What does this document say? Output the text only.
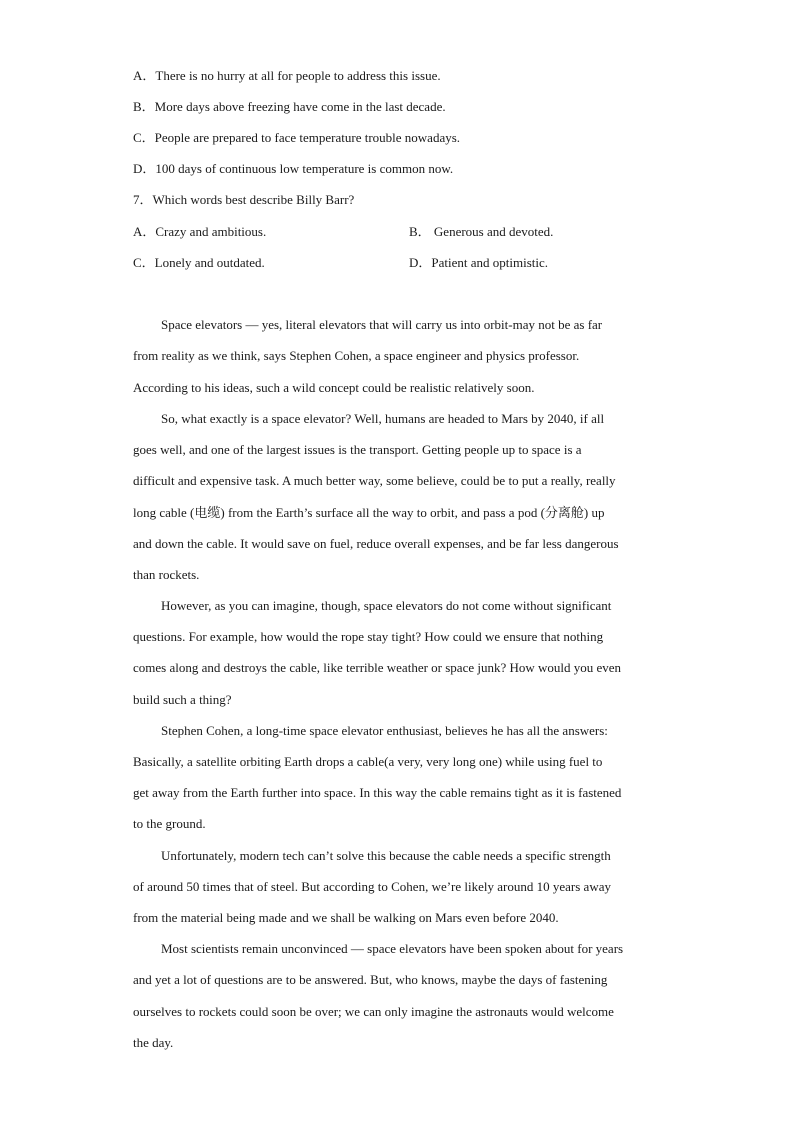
A．There is no hurry at all for people to address this issue.
B．More days above freezing have come in the last decade.
C．People are prepared to face temperature trouble nowadays.
D．100 days of continuous low temperature is common now.
7．Which words best describe Billy Barr?
A．Crazy and ambitious.	B． Generous and devoted.
C．Lonely and outdated.	D．Patient and optimistic.
Space elevators — yes, literal elevators that will carry us into orbit-may not be as far
from reality as we think, says Stephen Cohen, a space engineer and physics professor.
According to his ideas, such a wild concept could be realistic relatively soon.
So, what exactly is a space elevator? Well, humans are headed to Mars by 2040, if all
goes well, and one of the largest issues is the transport. Getting people up to space is a
difficult and expensive task. A much better way, some believe, could be to put a really, really
long cable (电缆) from the Earth’s surface all the way to orbit, and pass a pod (分离舱) up
and down the cable. It would save on fuel, reduce overall expenses, and be far less dangerous
than rockets.
However, as you can imagine, though, space elevators do not come without significant
questions. For example, how would the rope stay tight? How could we ensure that nothing
comes along and destroys the cable, like terrible weather or space junk? How would you even
build such a thing?
Stephen Cohen, a long-time space elevator enthusiast, believes he has all the answers:
Basically, a satellite orbiting Earth drops a cable(a very, very long one) while using fuel to
get away from the Earth further into space. In this way the cable remains tight as it is fastened
to the ground.
Unfortunately, modern tech can’t solve this because the cable needs a specific strength
of around 50 times that of steel. But according to Cohen, we’re likely around 10 years away
from the material being made and we shall be walking on Mars even before 2040.
Most scientists remain unconvinced — space elevators have been spoken about for years
and yet a lot of questions are to be answered. But, who knows, maybe the days of fastening
ourselves to rockets could soon be over; we can only imagine the astronauts would welcome
the day.
